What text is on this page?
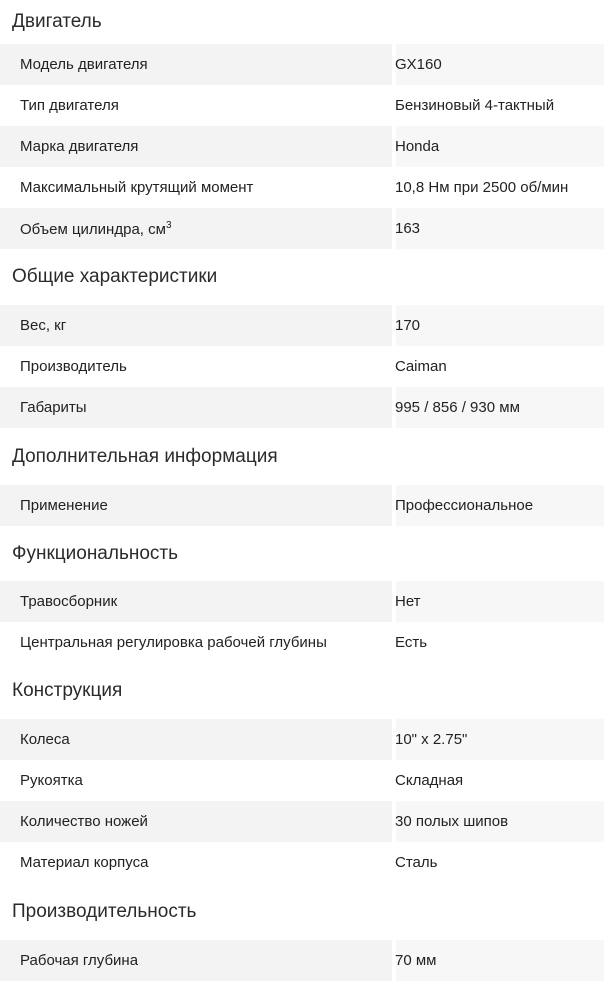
Двигатель
Модель двигателя	GX160
Тип двигателя	Бензиновый 4-тактный
Марка двигателя	Honda
Максимальный крутящий момент	10,8 Нм при 2500 об/мин
Объем цилиндра, $см^3$	163
Общие характеристики
Вес, кг	170
Производитель	Caiman
Габариты	995 / 856 / 930 мм
Дополнительная информация
Применение	Профессиональное
Функциональность
Травосборник	Нет
Центральная регулировка рабочей глубины	Есть
Конструкция
Колеса	10" x 2.75"
Рукоятка	Складная
Количество ножей	30 полых шипов
Материал корпуса	Сталь
Производительность
Рабочая глубина	70 мм
